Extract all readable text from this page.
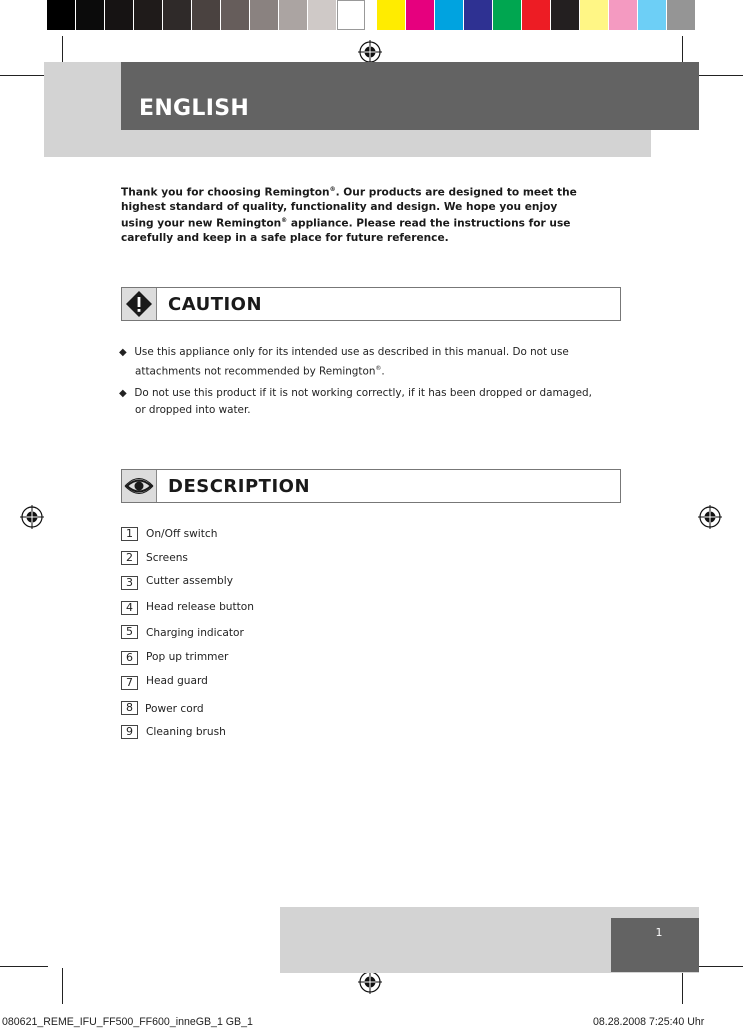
ENGLISH
Thank you for choosing Remington®. Our products are designed to meet the highest standard of quality, functionality and design. We hope you enjoy using your new Remington® appliance. Please read the instructions for use carefully and keep in a safe place for future reference.
CAUTION
◆ Use this appliance only for its intended use as described in this manual. Do not use
attachments not recommended by Remington®.
◆ Do not use this product if it is not working correctly, if it has been dropped or damaged,
or dropped into water.
DESCRIPTION
1	On/Off switch
2	Screens
3	Cutter assembly
4	Head release button
5	Charging indicator
6	Pop up trimmer
7	Head guard
8	Power cord
9	Cleaning brush
1
080621_REME_IFU_FF500_FF600_inneGB_1 GB_1	08.28.2008 7:25:40 Uhr
